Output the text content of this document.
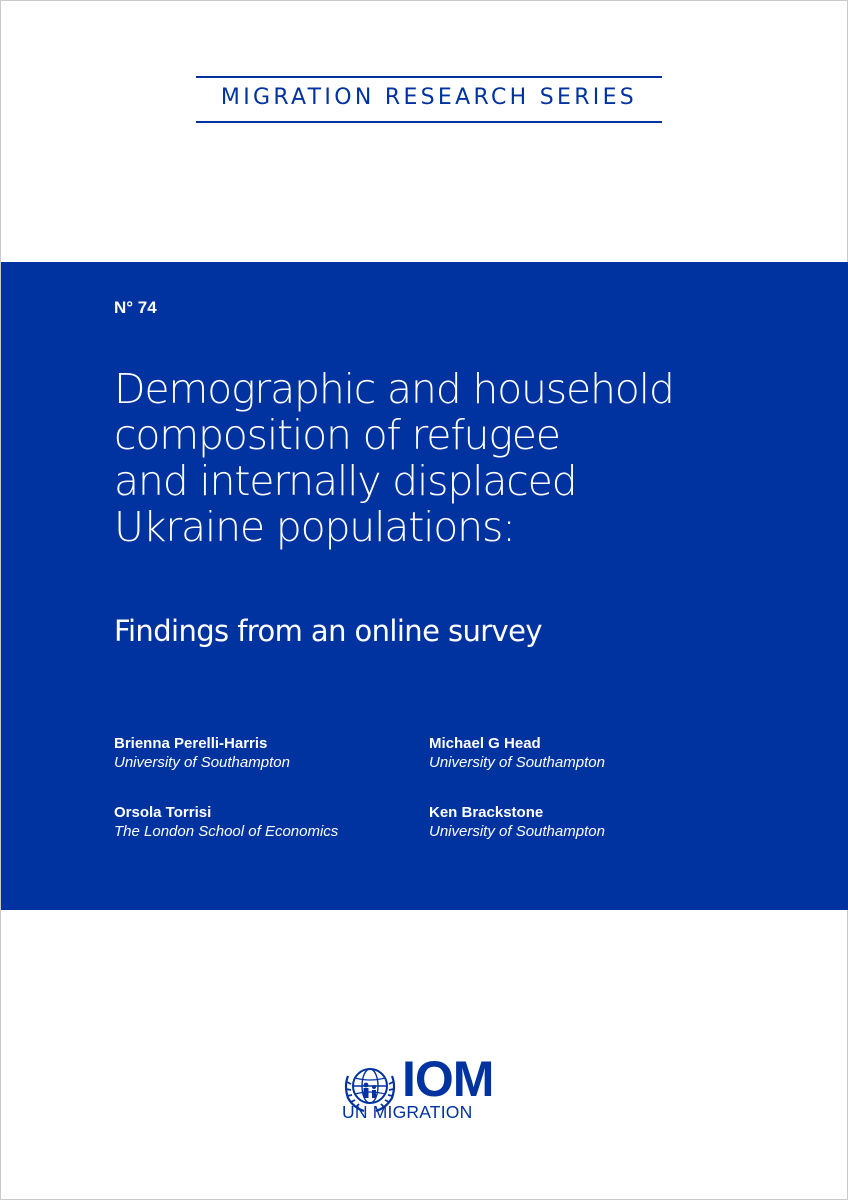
MIGRATION RESEARCH SERIES
N° 74
Demographic and household
composition of refugee
and internally displaced
Ukraine populations:
Findings from an online survey
Brienna Perelli-Harris
University of Southampton
Michael G Head
University of Southampton
Orsola Torrisi
The London School of Economics
Ken Brackstone
University of Southampton
IOM
UN MIGRATION
